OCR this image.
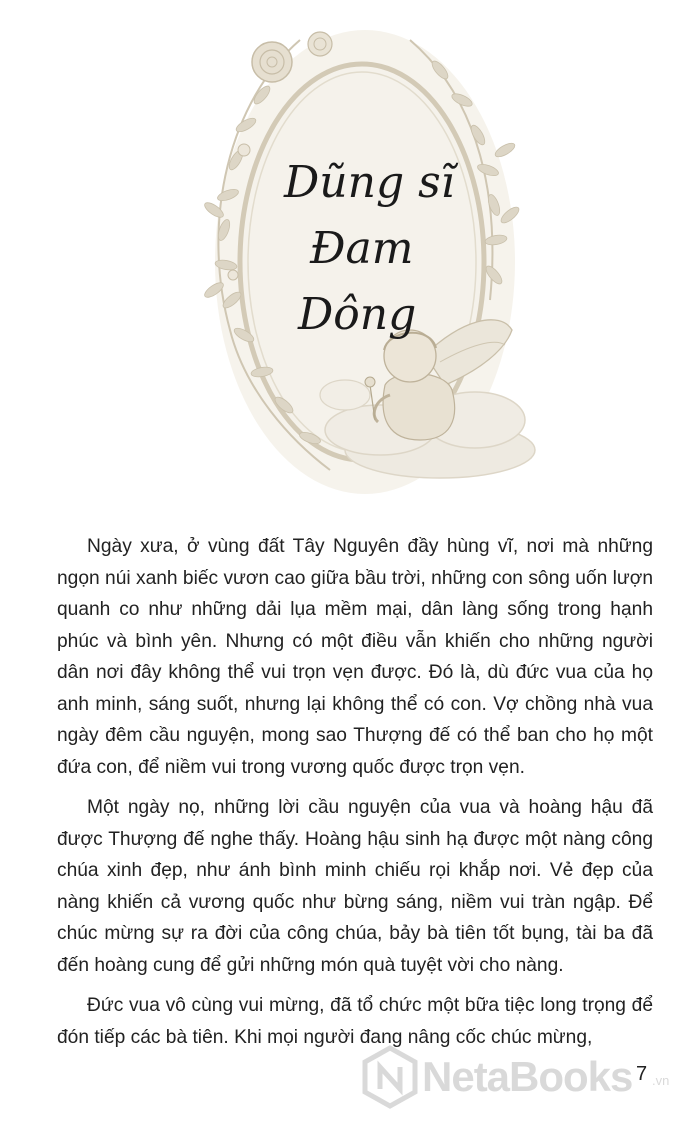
Dũng sĩ
Đam
Dông

Ngày xưa, ở vùng đất Tây Nguyên đầy hùng vĩ, nơi mà những ngọn núi xanh biếc vươn cao giữa bầu trời, những con sông uốn lượn quanh co như những dải lụa mềm mại, dân làng sống trong hạnh phúc và bình yên. Nhưng có một điều vẫn khiến cho những người dân nơi đây không thể vui trọn vẹn được. Đó là, dù đức vua của họ anh minh, sáng suốt, nhưng lại không thể có con. Vợ chồng nhà vua ngày đêm cầu nguyện, mong sao Thượng đế có thể ban cho họ một đứa con, để niềm vui trong vương quốc được trọn vẹn.

Một ngày nọ, những lời cầu nguyện của vua và hoàng hậu đã được Thượng đế nghe thấy. Hoàng hậu sinh hạ được một nàng công chúa xinh đẹp, như ánh bình minh chiếu rọi khắp nơi. Vẻ đẹp của nàng khiến cả vương quốc như bừng sáng, niềm vui tràn ngập. Để chúc mừng sự ra đời của công chúa, bảy bà tiên tốt bụng, tài ba đã đến hoàng cung để gửi những món quà tuyệt vời cho nàng.

Đức vua vô cùng vui mừng, đã tổ chức một bữa tiệc long trọng để đón tiếp các bà tiên. Khi mọi người đang nâng cốc chúc mừng,

NetaBooks .vn
7
